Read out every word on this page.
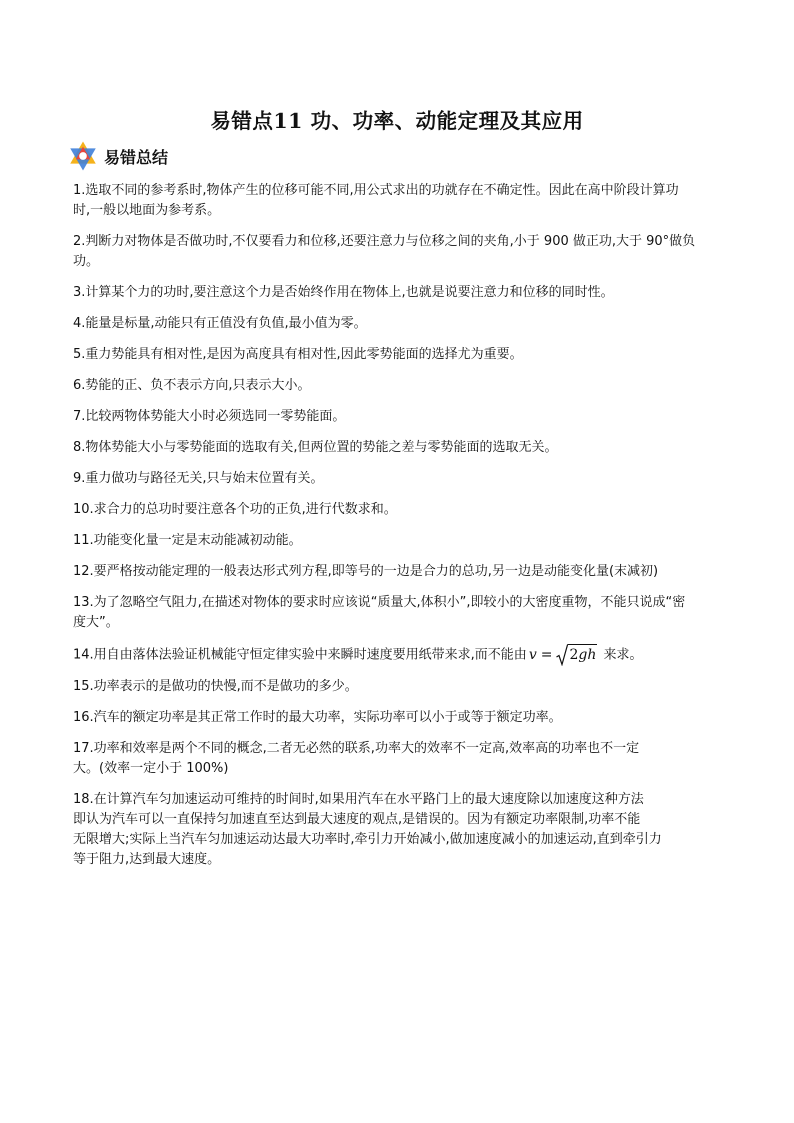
易错点11 功、功率、动能定理及其应用
易错总结
1.选取不同的参考系时,物体产生的位移可能不同,用公式求出的功就存在不确定性。因此在高中阶段计算功
时,一般以地面为参考系。
2.判断力对物体是否做功时,不仅要看力和位移,还要注意力与位移之间的夹角,小于 900 做正功,大于 90°做负
功。
3.计算某个力的功时,要注意这个力是否始终作用在物体上,也就是说要注意力和位移的同时性。
4.能量是标量,动能只有正值没有负值,最小值为零。
5.重力势能具有相对性,是因为高度具有相对性,因此零势能面的选择尤为重要。
6.势能的正、负不表示方向,只表示大小。
7.比较两物体势能大小时必须选同一零势能面。
8.物体势能大小与零势能面的选取有关,但两位置的势能之差与零势能面的选取无关。
9.重力做功与路径无关,只与始末位置有关。
10.求合力的总功时要注意各个功的正负,进行代数求和。
11.功能变化量一定是末动能减初动能。
12.要严格按动能定理的一般表达形式列方程,即等号的一边是合力的总功,另一边是动能变化量(末减初)
13.为了忽略空气阻力,在描述对物体的要求时应该说“质量大,体积小”,即较小的大密度重物，不能只说成“密
度大”。
14.用自由落体法验证机械能守恒定律实验中来瞬时速度要用纸带来求,而不能由 v = 2gh 来求。
15.功率表示的是做功的快慢,而不是做功的多少。
16.汽车的额定功率是其正常工作时的最大功率，实际功率可以小于或等于额定功率。
17.功率和效率是两个不同的概念,二者无必然的联系,功率大的效率不一定高,效率高的功率也不一定
大。(效率一定小于 100%)
18.在计算汽车匀加速运动可维持的时间时,如果用汽车在水平路门上的最大速度除以加速度这种方法
即认为汽车可以一直保持匀加速直至达到最大速度的观点,是错误的。因为有额定功率限制,功率不能
无限增大;实际上当汽车匀加速运动达最大功率时,牵引力开始减小,做加速度减小的加速运动,直到牵引力
等于阻力,达到最大速度。
